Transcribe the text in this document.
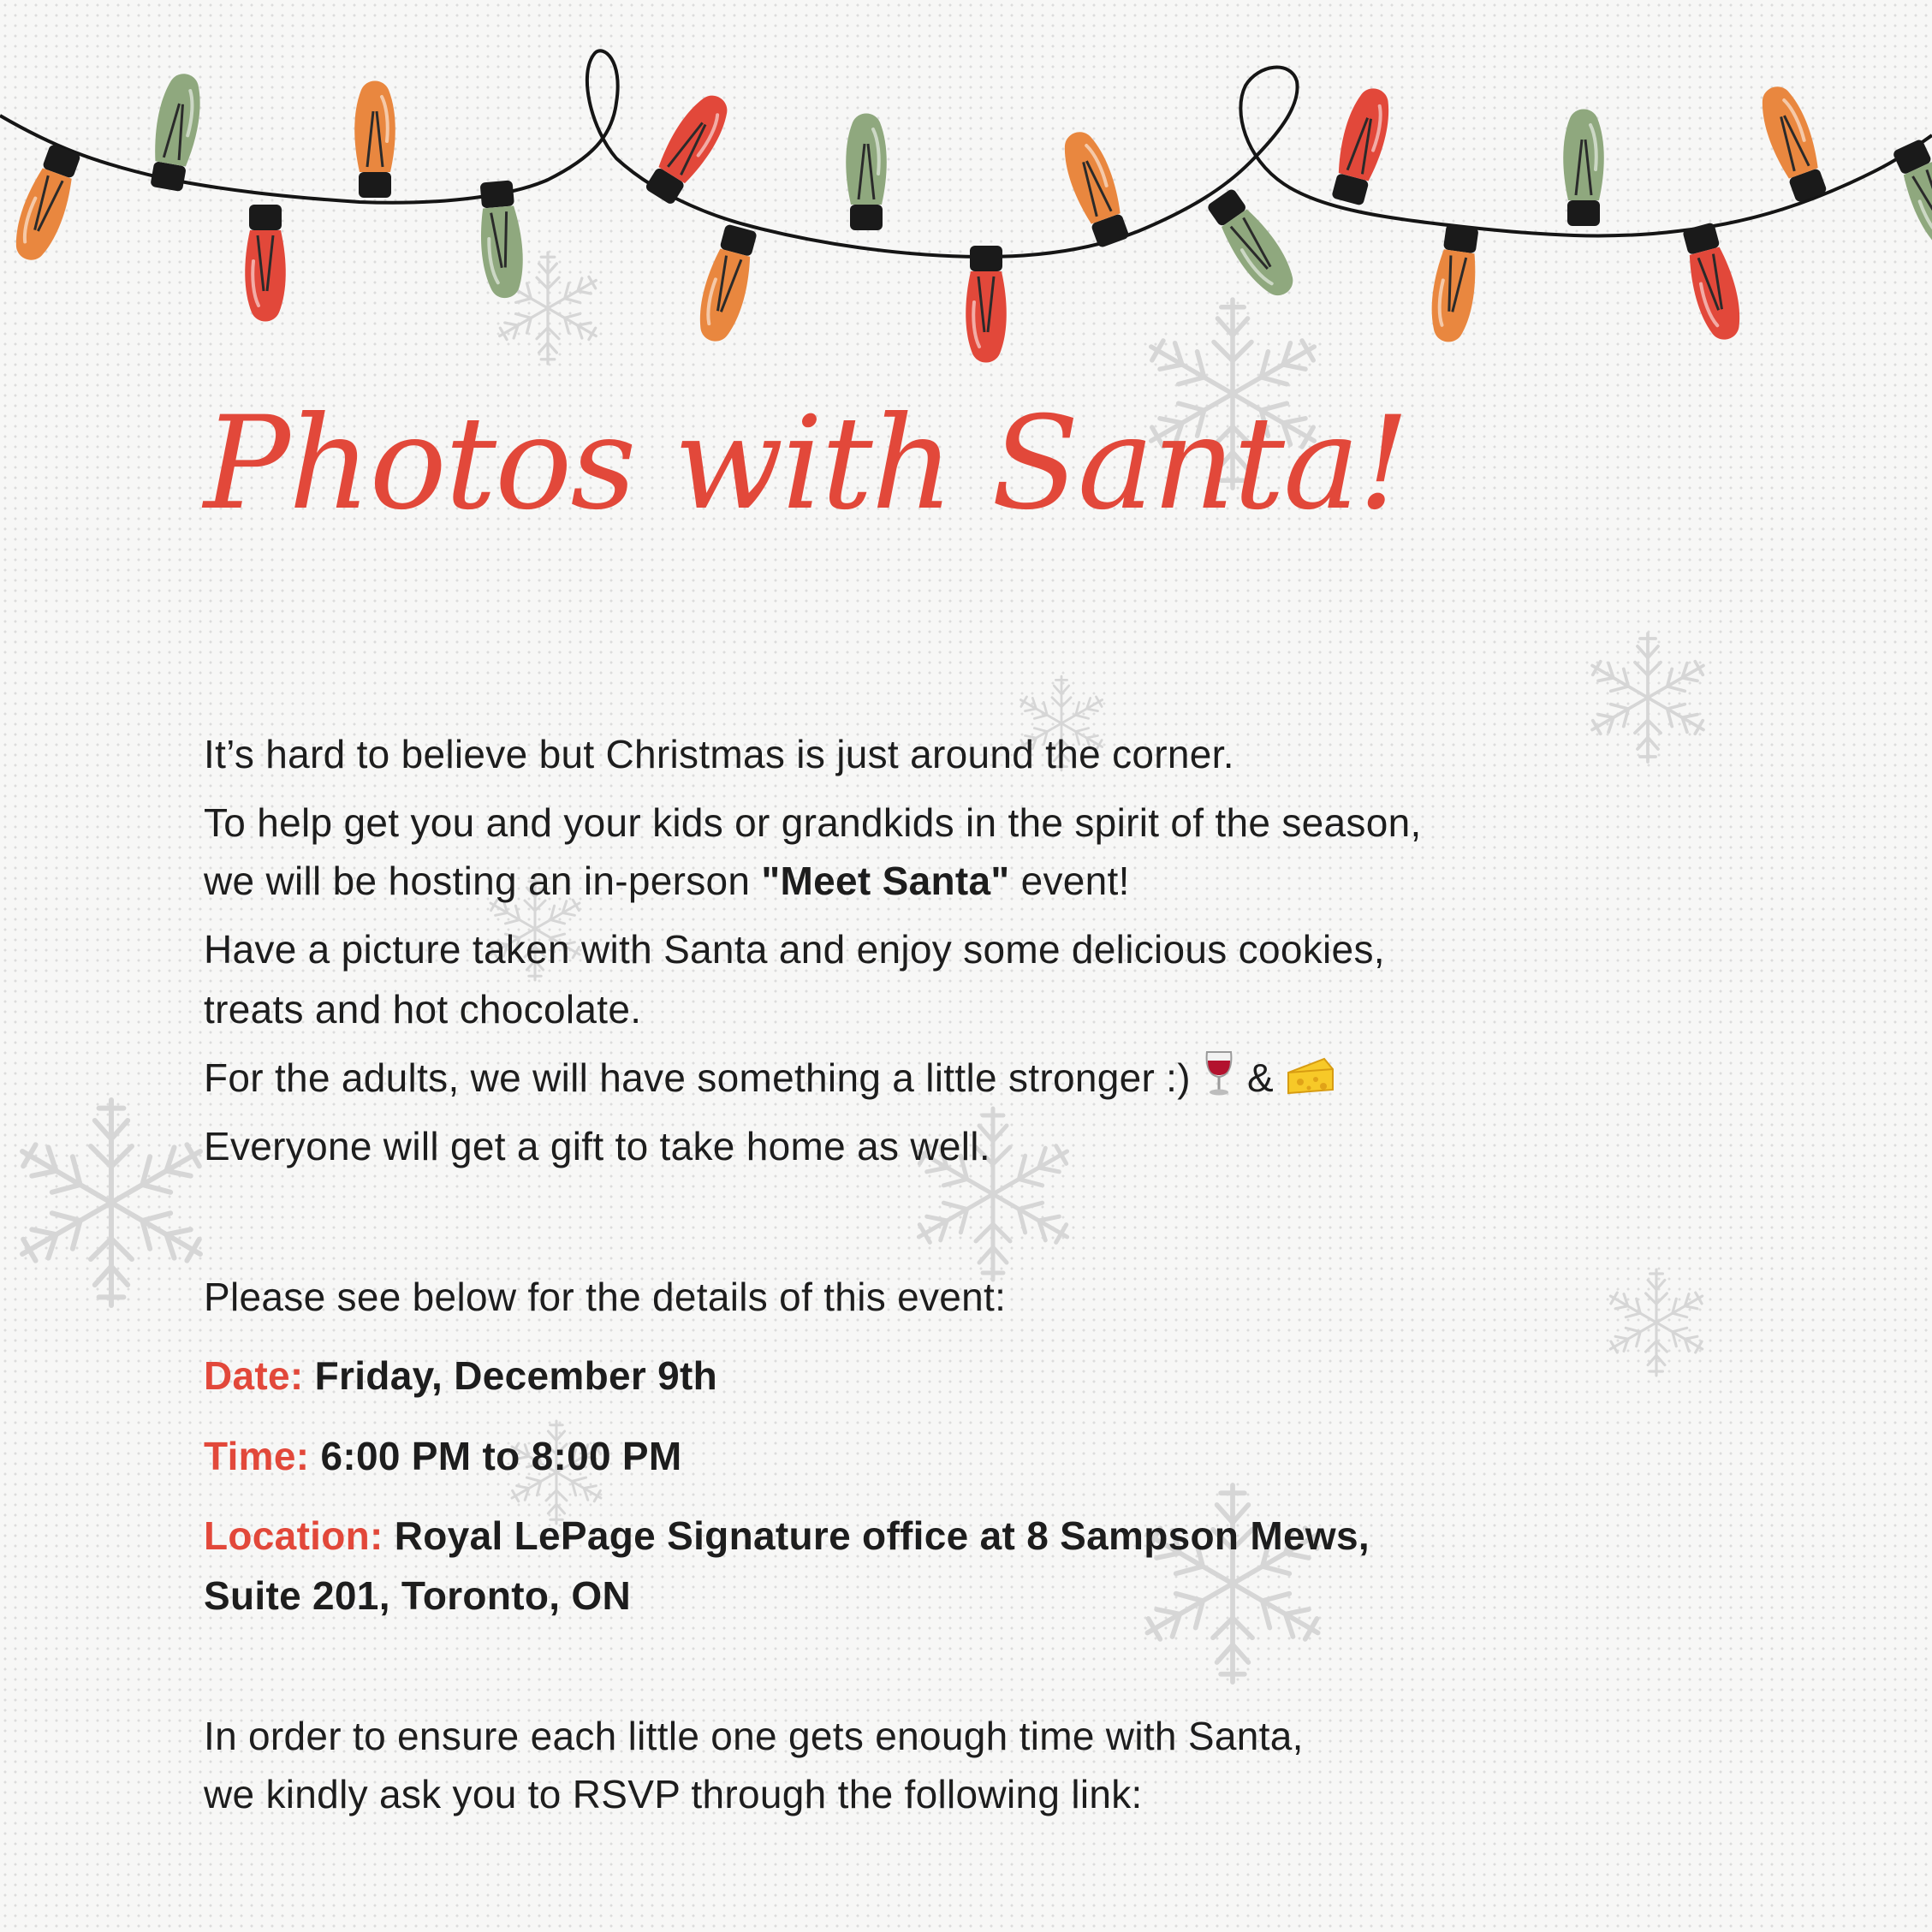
Photos with Santa!

It’s hard to believe but Christmas is just around the corner.

To help get you and your kids or grandkids in the spirit of the season,

we will be hosting an in-person "Meet Santa" event!

Have a picture taken with Santa and enjoy some delicious cookies,

treats and hot chocolate.

For the adults, we will have something a little stronger :)  &

Everyone will get a gift to take home as well.

Please see below for the details of this event:

Date: Friday, December 9th

Time: 6:00 PM to 8:00 PM

Location: Royal LePage Signature office at 8 Sampson Mews,

Suite 201, Toronto, ON

In order to ensure each little one gets enough time with Santa,

we kindly ask you to RSVP through the following link:
